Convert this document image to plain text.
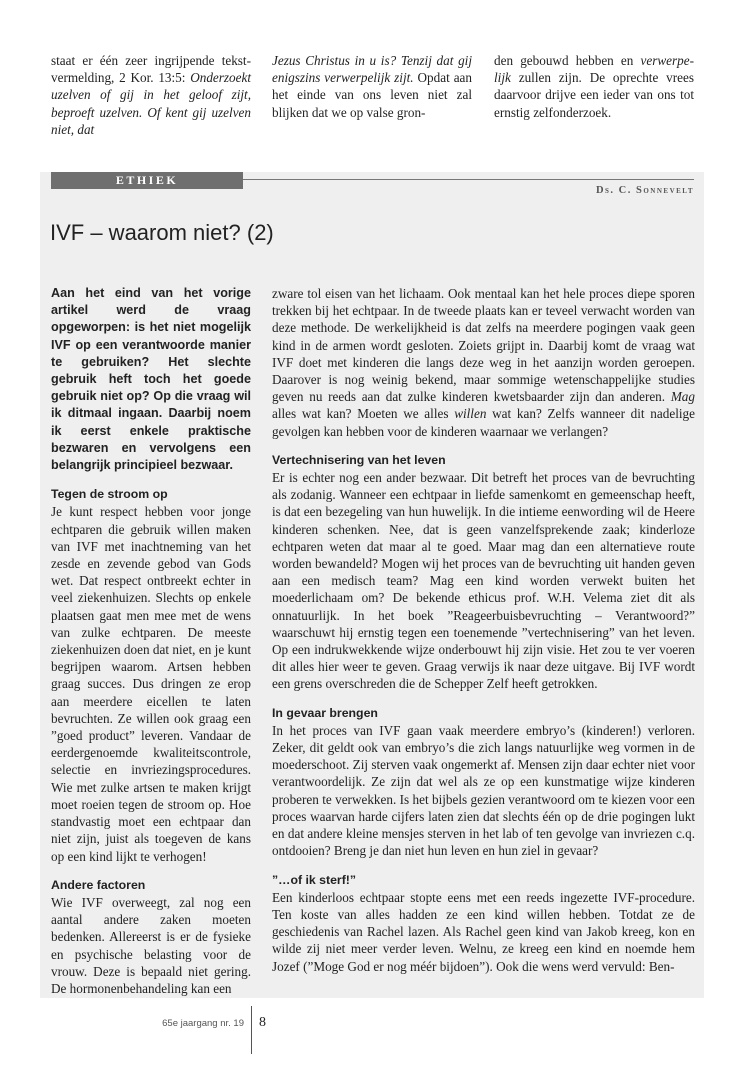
staat er één zeer ingrijpende tekst-vermelding, 2 Kor. 13:5: Onderzoekt uzelven of gij in het geloof zijt, beproeft uzelven. Of kent gij uzelven niet, dat

Jezus Christus in u is? Tenzij dat gij enigszins verwerpelijk zijt. Opdat aan het einde van ons leven niet zal blijken dat we op valse gron-

den gebouwd hebben en verwerpe-lijk zullen zijn. De oprechte vrees daarvoor drijve een ieder van ons tot ernstig zelfonderzoek.

ETHIEK
Ds. C. Sonnevelt
IVF – waarom niet? (2)

Aan het eind van het vorige artikel werd de vraag opgeworpen: is het niet mogelijk IVF op een verantwoorde manier te gebruiken? Het slechte gebruik heft toch het goede gebruik niet op? Op die vraag wil ik ditmaal ingaan. Daarbij noem ik eerst enkele praktische bezwaren en vervolgens een belangrijk principieel bezwaar.

Tegen de stroom op

Je kunt respect hebben voor jonge echtparen die gebruik willen maken van IVF met inachtneming van het zesde en zevende gebod van Gods wet. Dat respect ontbreekt echter in veel ziekenhuizen. Slechts op enkele plaatsen gaat men mee met de wens van zulke echtparen. De meeste ziekenhuizen doen dat niet, en je kunt begrijpen waarom. Artsen hebben graag succes. Dus dringen ze erop aan meerdere eicellen te laten bevruchten. Ze willen ook graag een ”goed product” leveren. Vandaar de eerdergenoemde kwaliteitscontrole, selectie en invriezingsprocedures. Wie met zulke artsen te maken krijgt moet roeien tegen de stroom op. Hoe standvastig moet een echtpaar dan niet zijn, juist als toegeven de kans op een kind lijkt te verhogen!

Andere factoren

Wie IVF overweegt, zal nog een aantal andere zaken moeten bedenken. Allereerst is er de fysieke en psychische belasting voor de vrouw. Deze is bepaald niet gering. De hormonenbehandeling kan een

zware tol eisen van het lichaam. Ook mentaal kan het hele proces diepe sporen trekken bij het echtpaar. In de tweede plaats kan er teveel verwacht worden van deze methode. De werkelijkheid is dat zelfs na meerdere pogingen vaak geen kind in de armen wordt gesloten. Zoiets grijpt in. Daarbij komt de vraag wat IVF doet met kinderen die langs deze weg in het aanzijn worden geroepen. Daarover is nog weinig bekend, maar sommige wetenschappelijke studies geven nu reeds aan dat zulke kinderen kwetsbaarder zijn dan anderen. Mag alles wat kan? Moeten we alles willen wat kan? Zelfs wanneer dit nadelige gevolgen kan hebben voor de kinderen waarnaar we verlangen?

Vertechnisering van het leven

Er is echter nog een ander bezwaar. Dit betreft het proces van de bevruchting als zodanig. Wanneer een echtpaar in liefde samenkomt en gemeenschap heeft, is dat een bezegeling van hun huwelijk. In die intieme eenwording wil de Heere kinderen schenken. Nee, dat is geen vanzelfsprekende zaak; kinderloze echtparen weten dat maar al te goed. Maar mag dan een alternatieve route worden bewandeld? Mogen wij het proces van de bevruchting uit handen geven aan een medisch team? Mag een kind worden verwekt buiten het moederlichaam om? De bekende ethicus prof. W.H. Velema ziet dit als onnatuurlijk. In het boek ”Reageerbuisbevruchting – Verantwoord?” waarschuwt hij ernstig tegen een toenemende ”vertechnisering” van het leven. Op een indrukwekkende wijze onderbouwt hij zijn visie. Het zou te ver voeren dit alles hier weer te geven. Graag verwijs ik naar deze uitgave. Bij IVF wordt een grens overschreden die de Schepper Zelf heeft getrokken.

In gevaar brengen

In het proces van IVF gaan vaak meerdere embryo’s (kinderen!) verloren. Zeker, dit geldt ook van embryo’s die zich langs natuurlijke weg vormen in de moederschoot. Zij sterven vaak ongemerkt af. Mensen zijn daar echter niet voor verantwoordelijk. Ze zijn dat wel als ze op een kunstmatige wijze kinderen proberen te verwekken. Is het bijbels gezien verantwoord om te kiezen voor een proces waarvan harde cijfers laten zien dat slechts één op de drie pogingen lukt en dat andere kleine mensjes sterven in het lab of ten gevolge van invriezen c.q. ontdooien? Breng je dan niet hun leven en hun ziel in gevaar?

”…of ik sterf!”

Een kinderloos echtpaar stopte eens met een reeds ingezette IVF-procedure. Ten koste van alles hadden ze een kind willen hebben. Totdat ze de geschiedenis van Rachel lazen. Als Rachel geen kind van Jakob kreeg, kon en wilde zij niet meer verder leven. Welnu, ze kreeg een kind en noemde hem Jozef (”Moge God er nog méér bijdoen”). Ook die wens werd vervuld: Ben-

65e jaargang nr. 19 8
